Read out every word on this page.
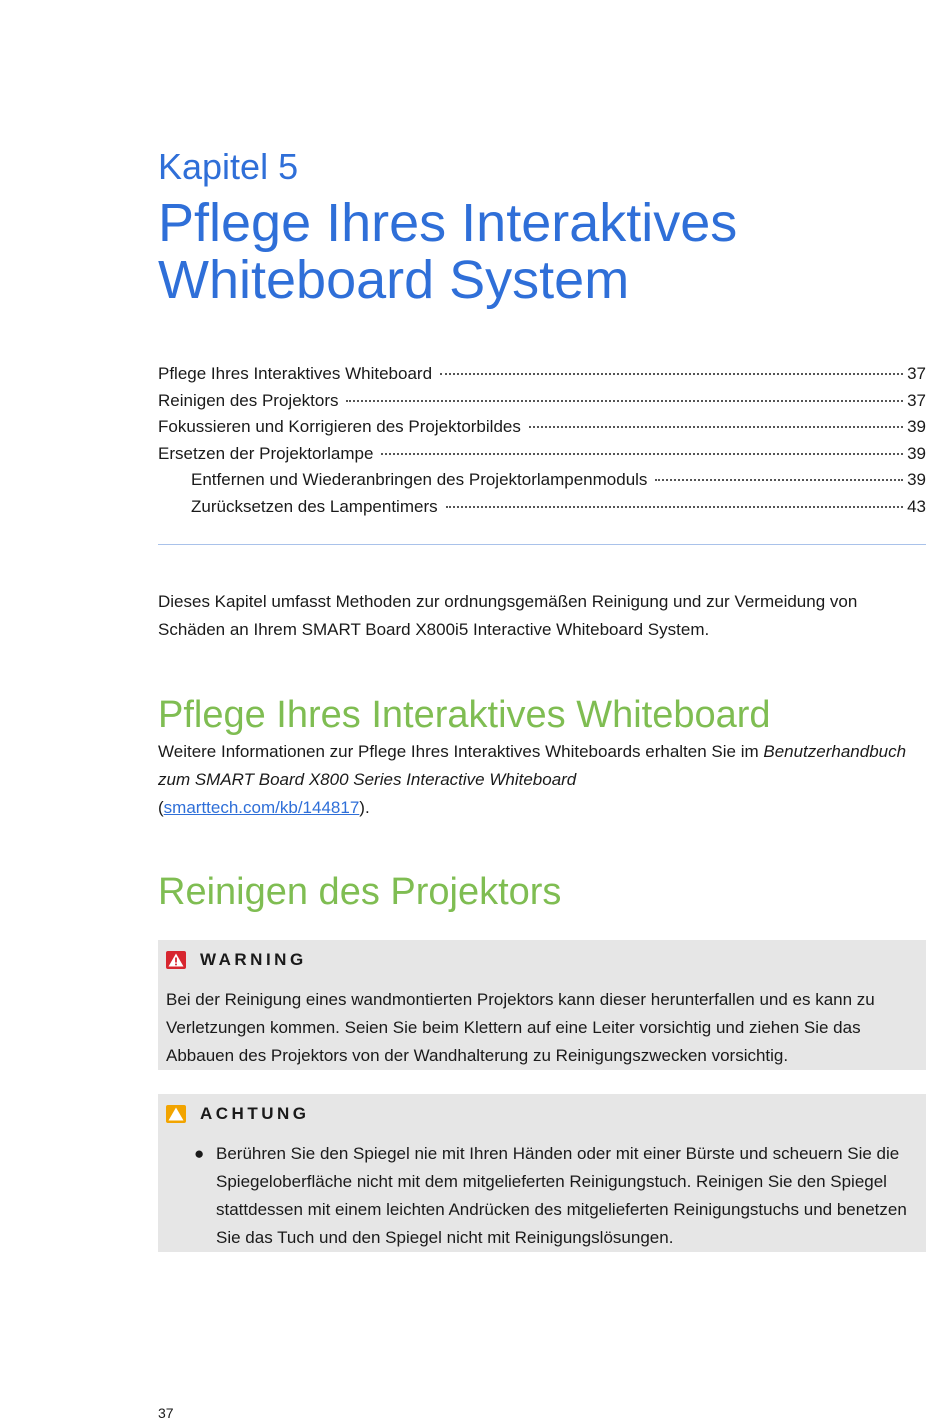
Kapitel 5
Pflege Ihres Interaktives Whiteboard System
Pflege Ihres Interaktives Whiteboard	37
Reinigen des Projektors	37
Fokussieren und Korrigieren des Projektorbildes	39
Ersetzen der Projektorlampe	39
Entfernen und Wiederanbringen des Projektorlampenmoduls	39
Zurücksetzen des Lampentimers	43

Dieses Kapitel umfasst Methoden zur ordnungsgemäßen Reinigung und zur Vermeidung von Schäden an Ihrem SMART Board X800i5 Interactive Whiteboard System.

Pflege Ihres Interaktives Whiteboard

Weitere Informationen zur Pflege Ihres Interaktives Whiteboards erhalten Sie im Benutzerhandbuch zum SMART Board X800 Series Interactive Whiteboard
(smarttech.com/kb/144817).

Reinigen des Projektors
WARNING

Bei der Reinigung eines wandmontierten Projektors kann dieser herunterfallen und es kann zu Verletzungen kommen. Seien Sie beim Klettern auf eine Leiter vorsichtig und ziehen Sie das Abbauen des Projektors von der Wandhalterung zu Reinigungszwecken vorsichtig.

ACHTUNG
● Berühren Sie den Spiegel nie mit Ihren Händen oder mit einer Bürste und scheuern Sie die Spiegeloberfläche nicht mit dem mitgelieferten Reinigungstuch. Reinigen Sie den Spiegel stattdessen mit einem leichten Andrücken des mitgelieferten Reinigungstuchs und benetzen Sie das Tuch und den Spiegel nicht mit Reinigungslösungen.

37
